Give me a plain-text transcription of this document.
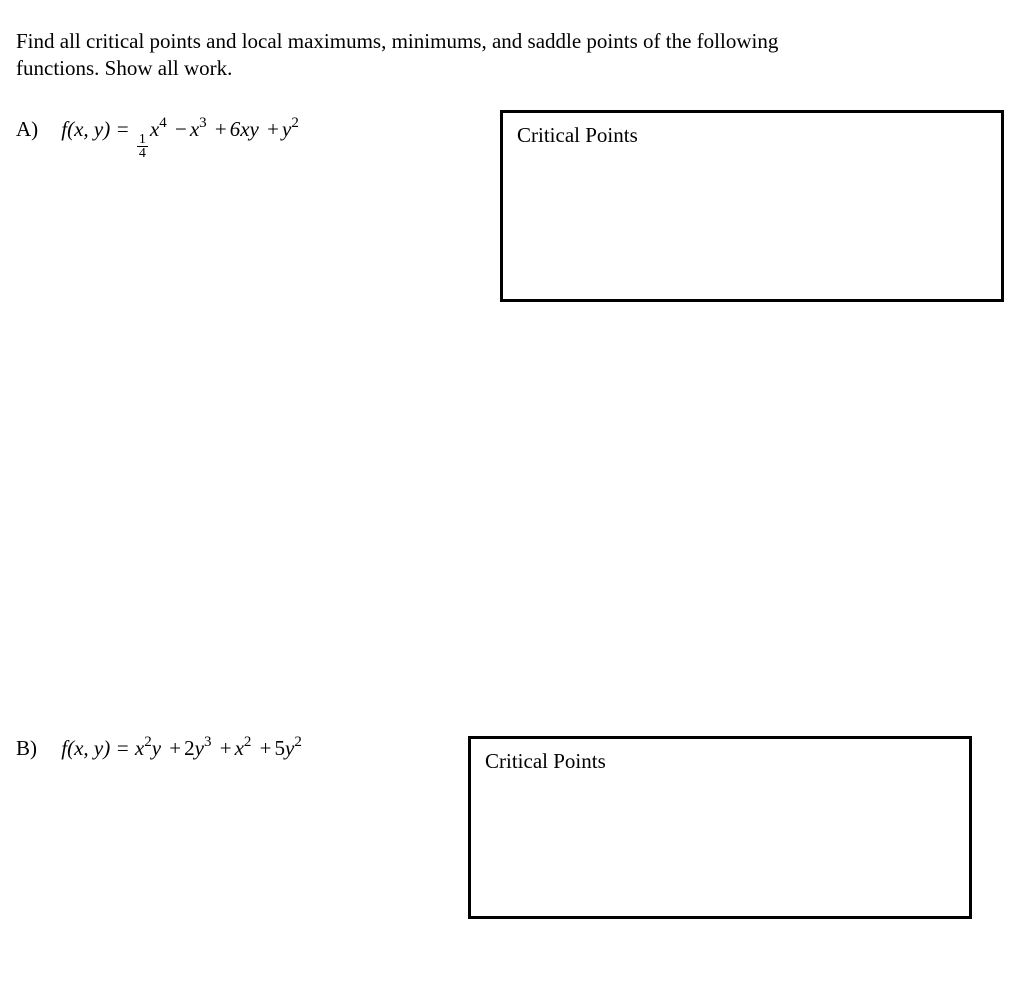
Find all critical points and local maximums, minimums, and saddle points of the following
functions. Show all work.

A) f(x, y) =
$\frac{1}{4}$
$x^4 - x^3 + 6xy + y^2$	Critical Points
B) f(x, $y) = x^2y + 2y^3 + x^2 + 5y^2$
Critical Points
